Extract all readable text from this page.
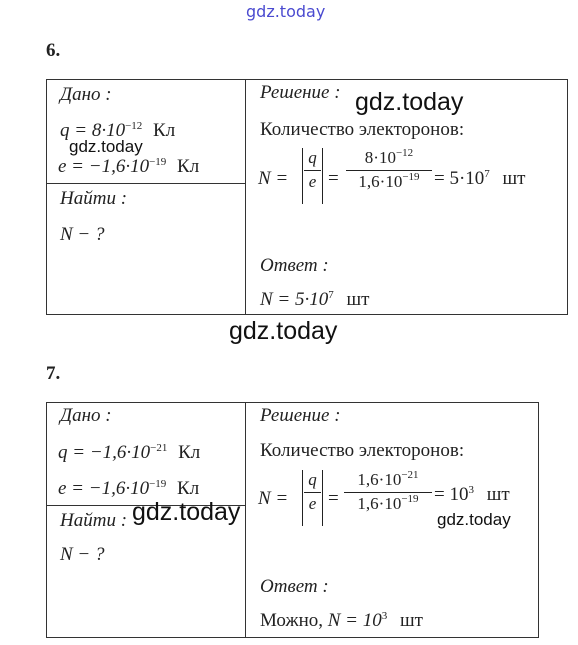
gdz.today
6.
Дано :
$q = 8\cdot 10^{-12}$ Кл
gdz.today
$e = -1,6\cdot 10^{-19}$ Кл
Найти :
N − ?
Решение : gdz.today
Количество электоронов:
N =
q
e =
$8\cdot 10^{-12}$
$1,6\cdot 10^{-19} = 5\cdot 10^7$ шт
Ответ :
$N = 5\cdot 10^7$ шт
gdz.today
7.
Дано :
$q = -1,6\cdot 10^{-21}$ Кл
$e = -1,6\cdot 10^{-19}$ Кл
Найти : gdz.today
N − ?
Решение :
Количество электоронов:
N =
q
e =
$1,6\cdot 10^{-21}$
$1,6\cdot 10^{-19} = 10^3$ шт
gdz.today
Ответ :
Можно, $N = 10^3$ шт
